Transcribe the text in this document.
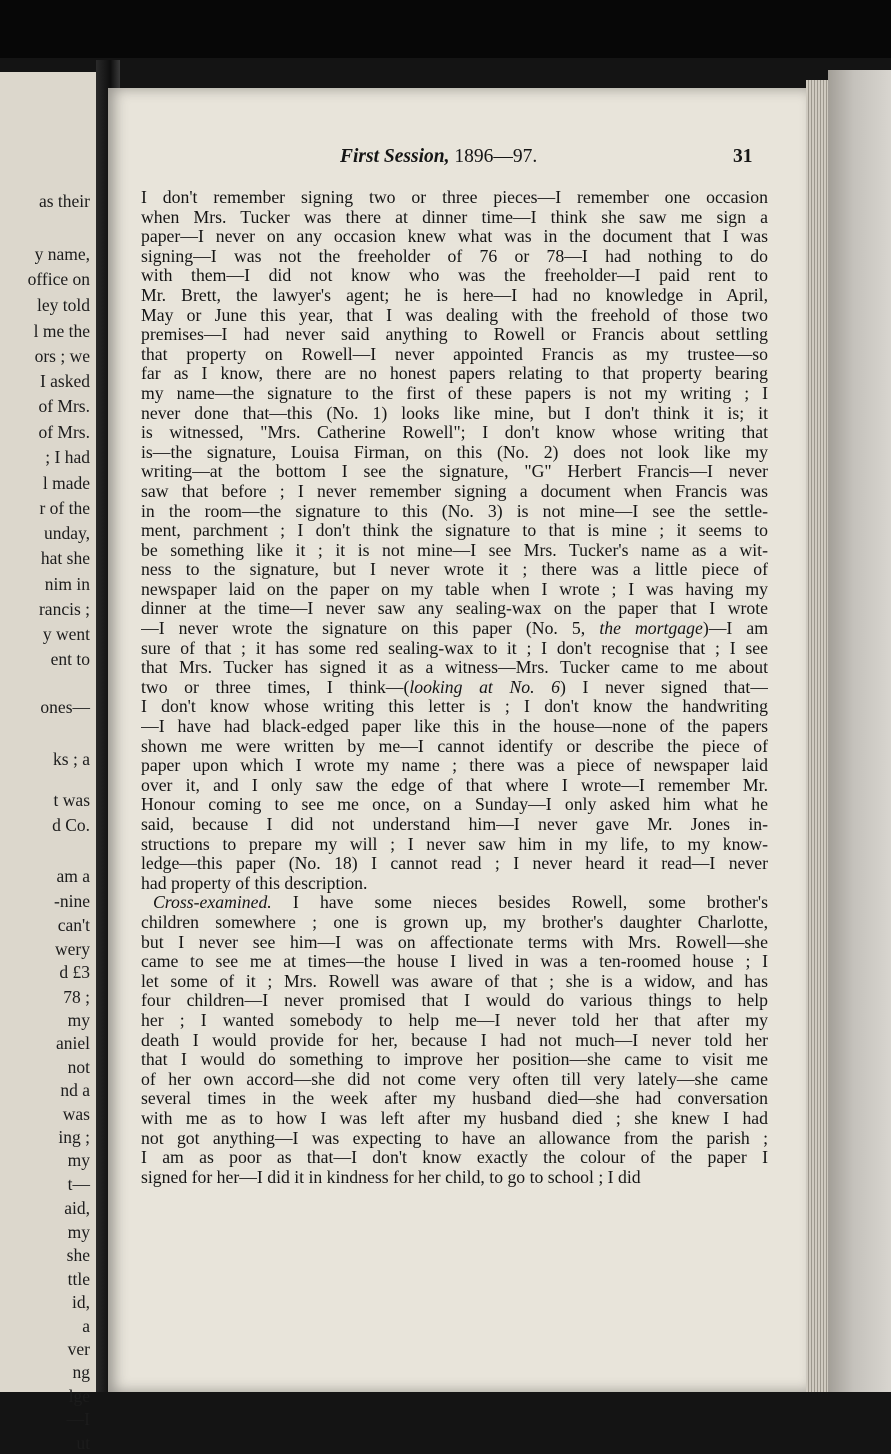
as their
y name,
office on
ley told
l me the
ors ; we
I asked
of Mrs.
of Mrs.
; I had
l made
r of the
unday,
hat she
nim in
rancis ;
y went
ent to
ones—
ks ; a
t was
d Co.
am a
-nine
can't
wery
d £3
78 ;
my
aniel
not
nd a
was
ing ;
my
t—
aid,
my
she
ttle
id,
a
ver
ng
lge
—I
ut
First Session, 1896—97.	31
I don't remember signing two or three pieces—I remember one occasion
when Mrs. Tucker was there at dinner time—I think she saw me sign a
paper—I never on any occasion knew what was in the document that I was
signing—I was not the freeholder of 76 or 78—I had nothing to do
with them—I did not know who was the freeholder—I paid rent to
Mr. Brett, the lawyer's agent; he is here—I had no knowledge in April,
May or June this year, that I was dealing with the freehold of those two
premises—I had never said anything to Rowell or Francis about settling
that property on Rowell—I never appointed Francis as my trustee—so
far as I know, there are no honest papers relating to that property bearing
my name—the signature to the first of these papers is not my writing ; I
never done that—this (No. 1) looks like mine, but I don't think it is; it
is witnessed, "Mrs. Catherine Rowell"; I don't know whose writing that
is—the signature, Louisa Firman, on this (No. 2) does not look like my
writing—at the bottom I see the signature, "G" Herbert Francis—I never
saw that before ; I never remember signing a document when Francis was
in the room—the signature to this (No. 3) is not mine—I see the settle-
ment, parchment ; I don't think the signature to that is mine ; it seems to
be something like it ; it is not mine—I see Mrs. Tucker's name as a wit-
ness to the signature, but I never wrote it ; there was a little piece of
newspaper laid on the paper on my table when I wrote ; I was having my
dinner at the time—I never saw any sealing-wax on the paper that I wrote
—I never wrote the signature on this paper (No. 5, the mortgage)—I am
sure of that ; it has some red sealing-wax to it ; I don't recognise that ; I see
that Mrs. Tucker has signed it as a witness—Mrs. Tucker came to me about
two or three times, I think—(looking at No. 6) I never signed that—
I don't know whose writing this letter is ; I don't know the handwriting
—I have had black-edged paper like this in the house—none of the papers
shown me were written by me—I cannot identify or describe the piece of
paper upon which I wrote my name ; there was a piece of newspaper laid
over it, and I only saw the edge of that where I wrote—I remember Mr.
Honour coming to see me once, on a Sunday—I only asked him what he
said, because I did not understand him—I never gave Mr. Jones in-
structions to prepare my will ; I never saw him in my life, to my know-
ledge—this paper (No. 18) I cannot read ; I never heard it read—I never
had property of this description.
Cross-examined. I have some nieces besides Rowell, some brother's
children somewhere ; one is grown up, my brother's daughter Charlotte,
but I never see him—I was on affectionate terms with Mrs. Rowell—she
came to see me at times—the house I lived in was a ten-roomed house ; I
let some of it ; Mrs. Rowell was aware of that ; she is a widow, and has
four children—I never promised that I would do various things to help
her ; I wanted somebody to help me—I never told her that after my
death I would provide for her, because I had not much—I never told her
that I would do something to improve her position—she came to visit me
of her own accord—she did not come very often till very lately—she came
several times in the week after my husband died—she had conversation
with me as to how I was left after my husband died ; she knew I had
not got anything—I was expecting to have an allowance from the parish ;
I am as poor as that—I don't know exactly the colour of the paper I
signed for her—I did it in kindness for her child, to go to school ; I did
